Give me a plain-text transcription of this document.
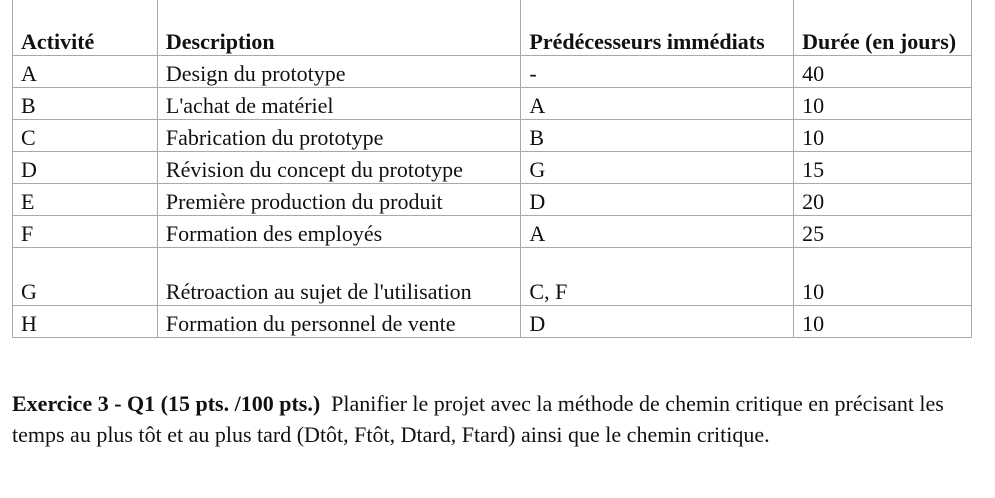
Activité	Description	Prédécesseurs immédiats	Durée (en jours)
A	Design du prototype	-	40
B	L'achat de matériel	A	10
C	Fabrication du prototype	B	10
D	Révision du concept du prototype	G	15
E	Première production du produit	D	20
F	Formation des employés	A	25
G	Rétroaction au sujet de l'utilisation	C, F	10
H	Formation du personnel de vente	D	10

Exercice 3 - Q1 (15 pts. /100 pts.) Planifier le projet avec la méthode de chemin critique en précisant les temps au plus tôt et au plus tard (Dtôt, Ftôt, Dtard, Ftard) ainsi que le chemin critique.
